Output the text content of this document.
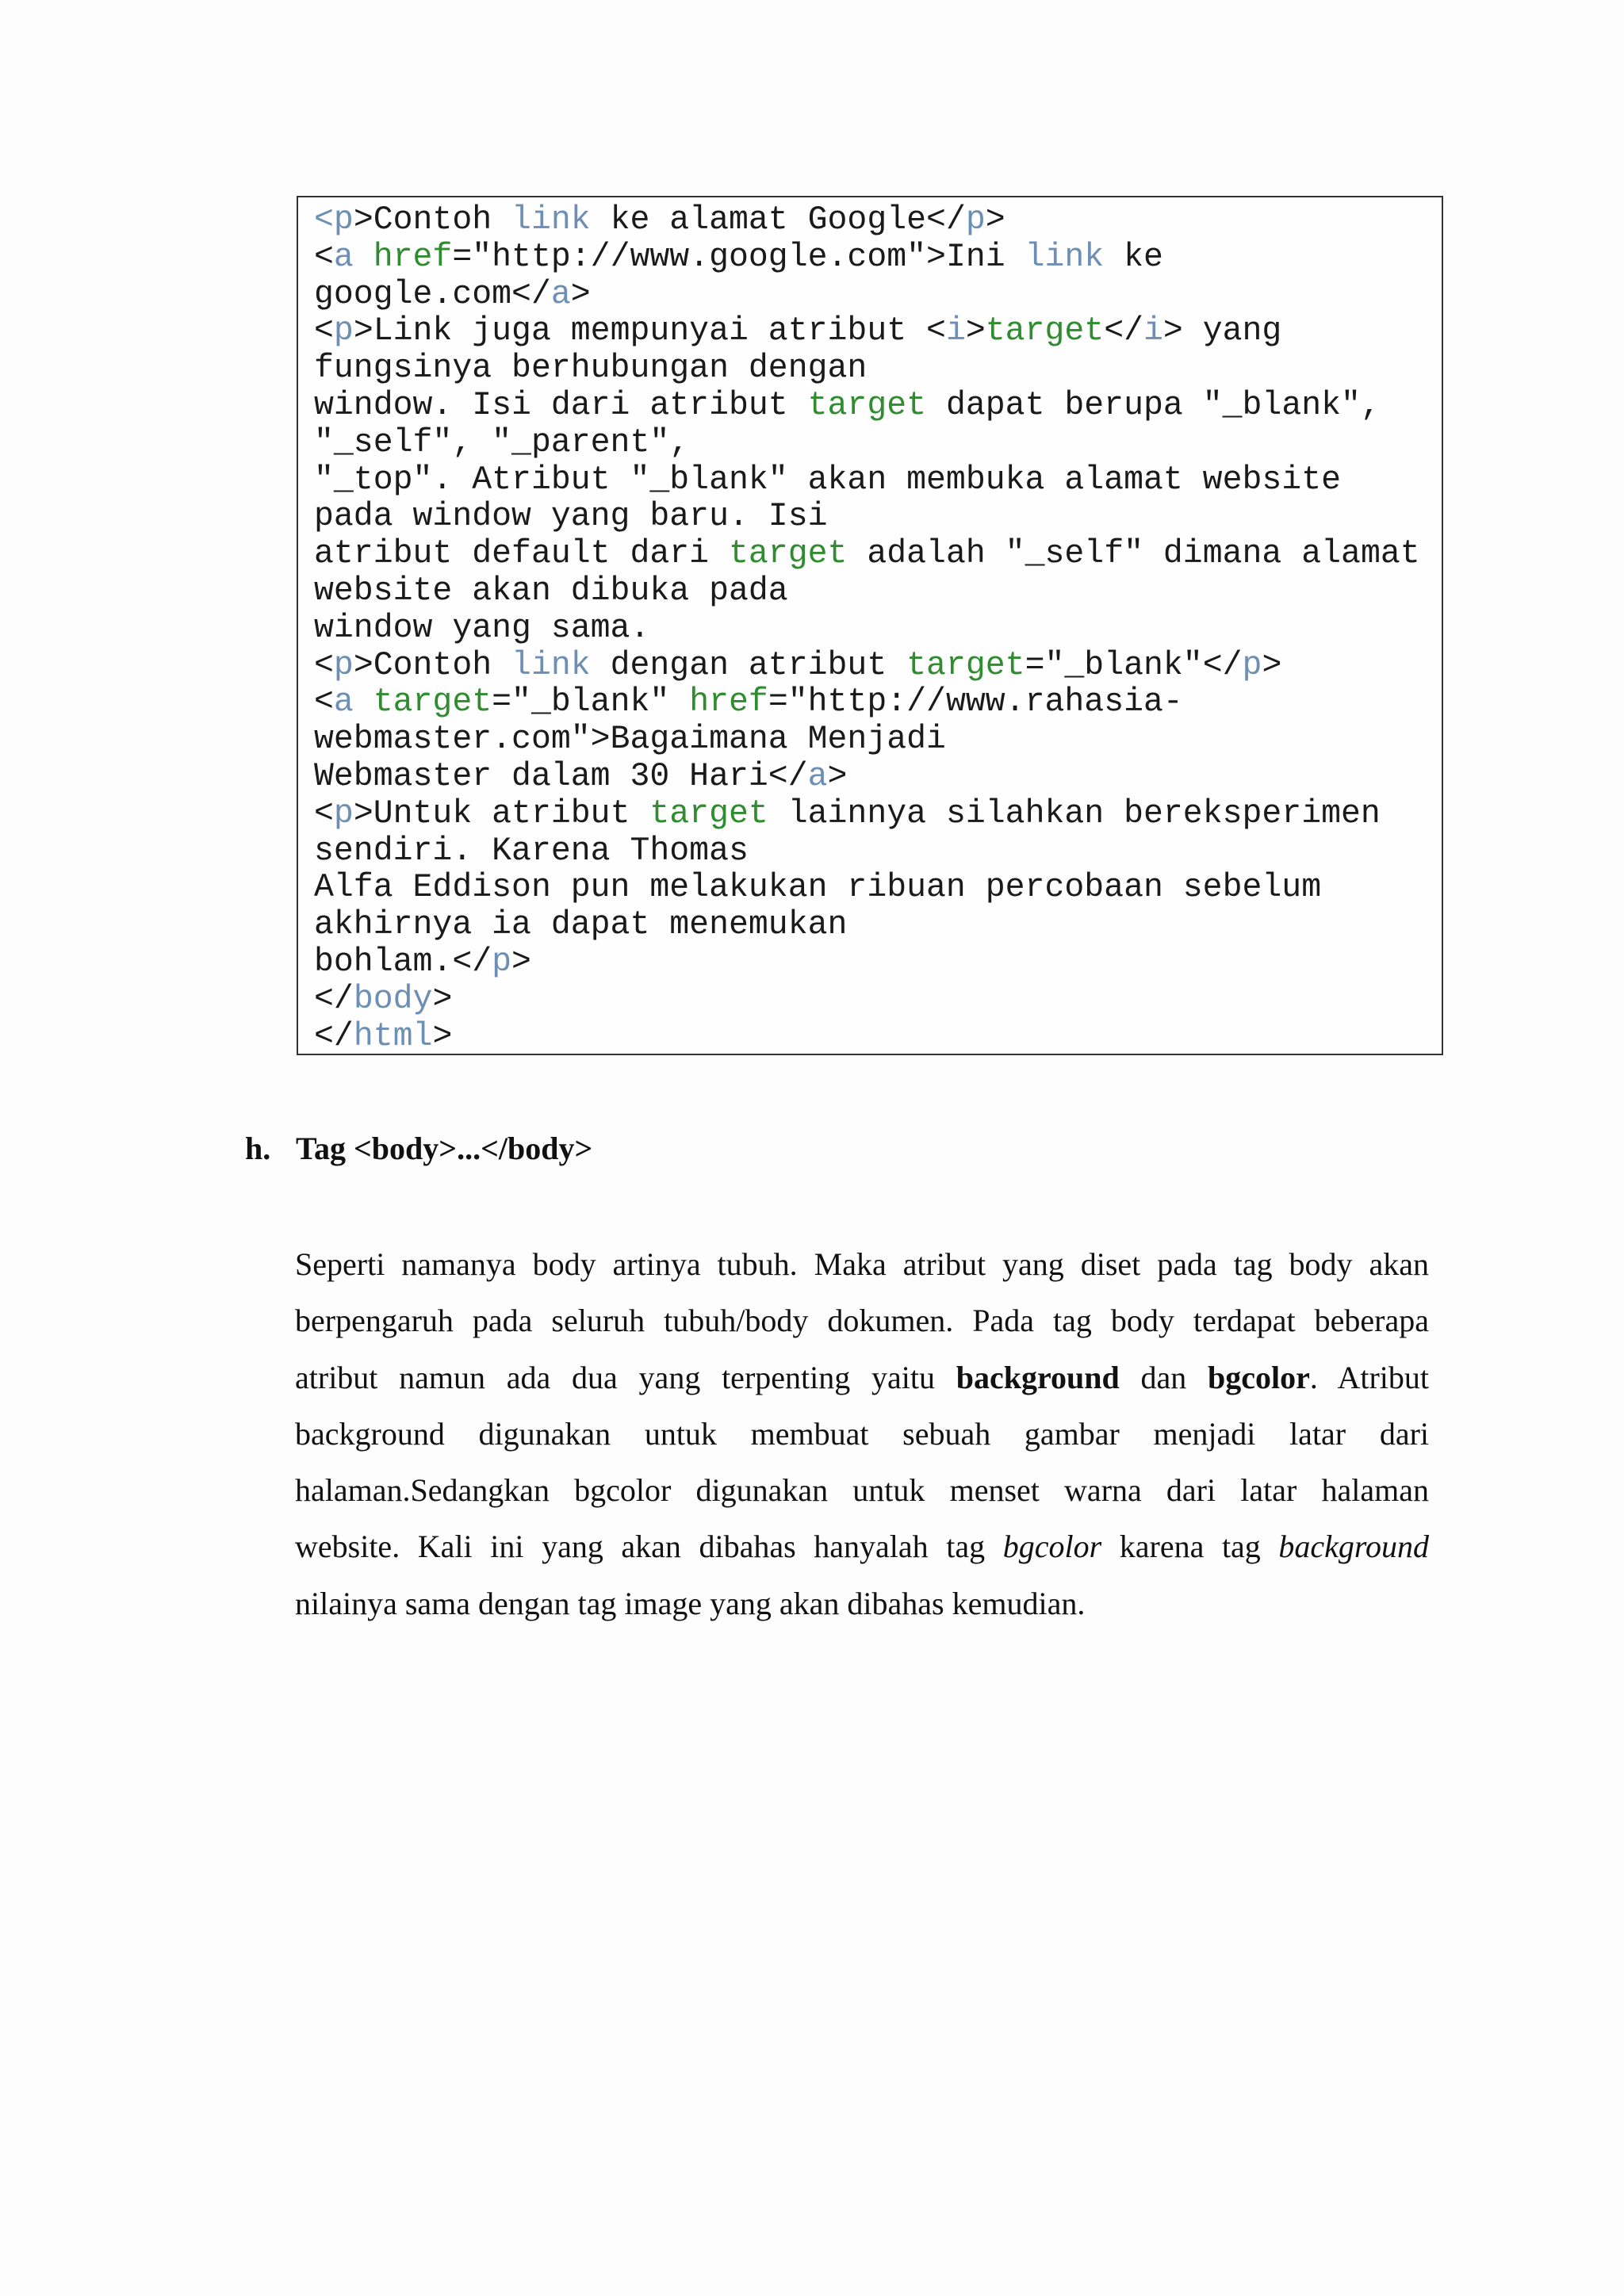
<p>Contoh link ke alamat Google</p>
<a href="http://www.google.com">Ini link ke
google.com</a>
<p>Link juga mempunyai atribut <i>target</i> yang
fungsinya berhubungan dengan
window. Isi dari atribut target dapat berupa "_blank",
"_self", "_parent",
"_top". Atribut "_blank" akan membuka alamat website
pada window yang baru. Isi
atribut default dari target adalah "_self" dimana alamat
website akan dibuka pada
window yang sama.
<p>Contoh link dengan atribut target="_blank"</p>
<a target="_blank" href="http://www.rahasia-
webmaster.com">Bagaimana Menjadi
Webmaster dalam 30 Hari</a>
<p>Untuk atribut target lainnya silahkan bereksperimen
sendiri. Karena Thomas
Alfa Eddison pun melakukan ribuan percobaan sebelum
akhirnya ia dapat menemukan
bohlam.</p>
</body>
</html>
h. Tag <body>...</body>
Seperti namanya body artinya tubuh. Maka atribut yang diset pada tag body akan
berpengaruh pada seluruh tubuh/body dokumen. Pada tag body terdapat beberapa
atribut namun ada dua yang terpenting yaitu background dan bgcolor. Atribut
background digunakan untuk membuat sebuah gambar menjadi latar dari
halaman.Sedangkan bgcolor digunakan untuk menset warna dari latar halaman
website. Kali ini yang akan dibahas hanyalah tag bgcolor karena tag background
nilainya sama dengan tag image yang akan dibahas kemudian.
